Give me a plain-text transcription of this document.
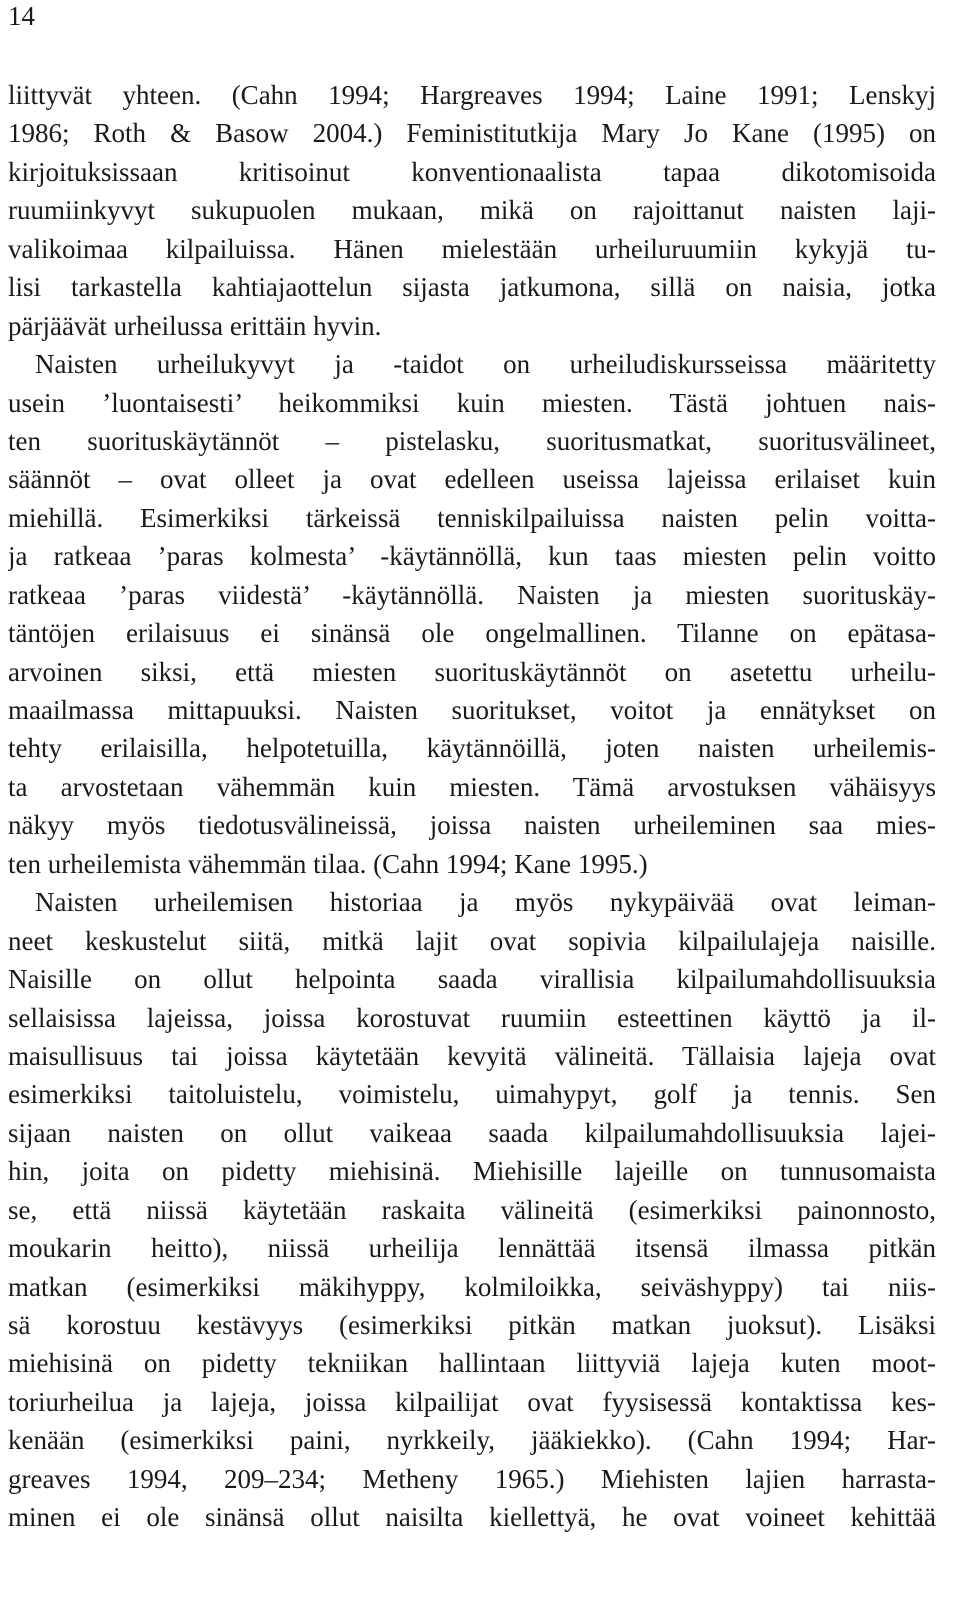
14
liittyvät yhteen. (Cahn 1994; Hargreaves 1994; Laine 1991; Lenskyj
1986; Roth & Basow 2004.) Feministitutkija Mary Jo Kane (1995) on
kirjoituksissaan kritisoinut konventionaalista tapaa dikotomisoida
ruumiinkyvyt sukupuolen mukaan, mikä on rajoittanut naisten laji-
valikoimaa kilpailuissa. Hänen mielestään urheiluruumiin kykyjä tu-
lisi tarkastella kahtiajaottelun sijasta jatkumona, sillä on naisia, jotka
pärjäävät urheilussa erittäin hyvin.
Naisten urheilukyvyt ja -taidot on urheiludiskursseissa määritetty
usein ’luontaisesti’ heikommiksi kuin miesten. Tästä johtuen nais-
ten suorituskäytännöt – pistelasku, suoritusmatkat, suoritusvälineet,
säännöt – ovat olleet ja ovat edelleen useissa lajeissa erilaiset kuin
miehillä. Esimerkiksi tärkeissä tenniskilpailuissa naisten pelin voitta-
ja ratkeaa ’paras kolmesta’ -käytännöllä, kun taas miesten pelin voitto
ratkeaa ’paras viidestä’ -käytännöllä. Naisten ja miesten suorituskäy-
täntöjen erilaisuus ei sinänsä ole ongelmallinen. Tilanne on epätasa-
arvoinen siksi, että miesten suorituskäytännöt on asetettu urheilu-
maailmassa mittapuuksi. Naisten suoritukset, voitot ja ennätykset on
tehty erilaisilla, helpotetuilla, käytännöillä, joten naisten urheilemis-
ta arvostetaan vähemmän kuin miesten. Tämä arvostuksen vähäisyys
näkyy myös tiedotusvälineissä, joissa naisten urheileminen saa mies-
ten urheilemista vähemmän tilaa. (Cahn 1994; Kane 1995.)
Naisten urheilemisen historiaa ja myös nykypäivää ovat leiman-
neet keskustelut siitä, mitkä lajit ovat sopivia kilpailulajeja naisille.
Naisille on ollut helpointa saada virallisia kilpailumahdollisuuksia
sellaisissa lajeissa, joissa korostuvat ruumiin esteettinen käyttö ja il-
maisullisuus tai joissa käytetään kevyitä välineitä. Tällaisia lajeja ovat
esimerkiksi taitoluistelu, voimistelu, uimahypyt, golf ja tennis. Sen
sijaan naisten on ollut vaikeaa saada kilpailumahdollisuuksia lajei-
hin, joita on pidetty miehisinä. Miehisille lajeille on tunnusomaista
se, että niissä käytetään raskaita välineitä (esimerkiksi painonnosto,
moukarin heitto), niissä urheilija lennättää itsensä ilmassa pitkän
matkan (esimerkiksi mäkihyppy, kolmiloikka, seiväshyppy) tai niis-
sä korostuu kestävyys (esimerkiksi pitkän matkan juoksut). Lisäksi
miehisinä on pidetty tekniikan hallintaan liittyviä lajeja kuten moot-
toriurheilua ja lajeja, joissa kilpailijat ovat fyysisessä kontaktissa kes-
kenään (esimerkiksi paini, nyrkkeily, jääkiekko). (Cahn 1994; Har-
greaves 1994, 209–234; Metheny 1965.) Miehisten lajien harrasta-
minen ei ole sinänsä ollut naisilta kiellettyä, he ovat voineet kehittää
